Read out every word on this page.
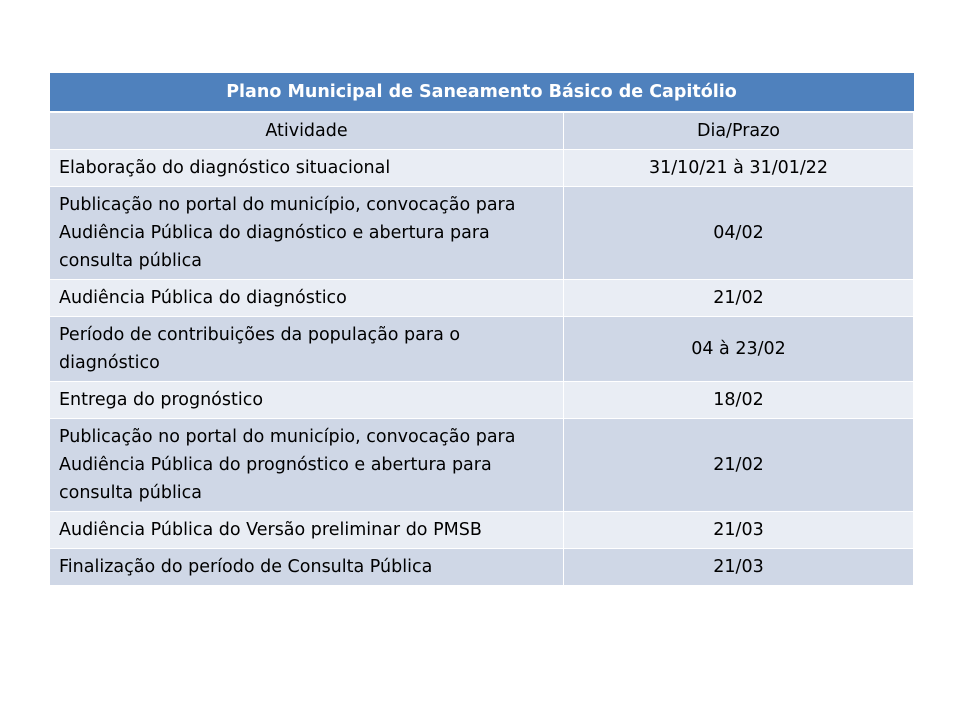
Plano Municipal de Saneamento Básico de Capitólio	
Atividade	Dia/Prazo
Elaboração do diagnóstico situacional	31/10/21 à 31/01/22
Publicação no portal do município, convocação para Audiência Pública do diagnóstico e abertura para consulta pública	04/02
Audiência Pública do diagnóstico	21/02
Período de contribuições da população para o diagnóstico	04 à 23/02
Entrega do prognóstico	18/02
Publicação no portal do município, convocação para Audiência Pública do prognóstico e abertura para consulta pública	21/02
Audiência Pública do Versão preliminar do PMSB	21/03
Finalização do período de Consulta Pública	21/03
